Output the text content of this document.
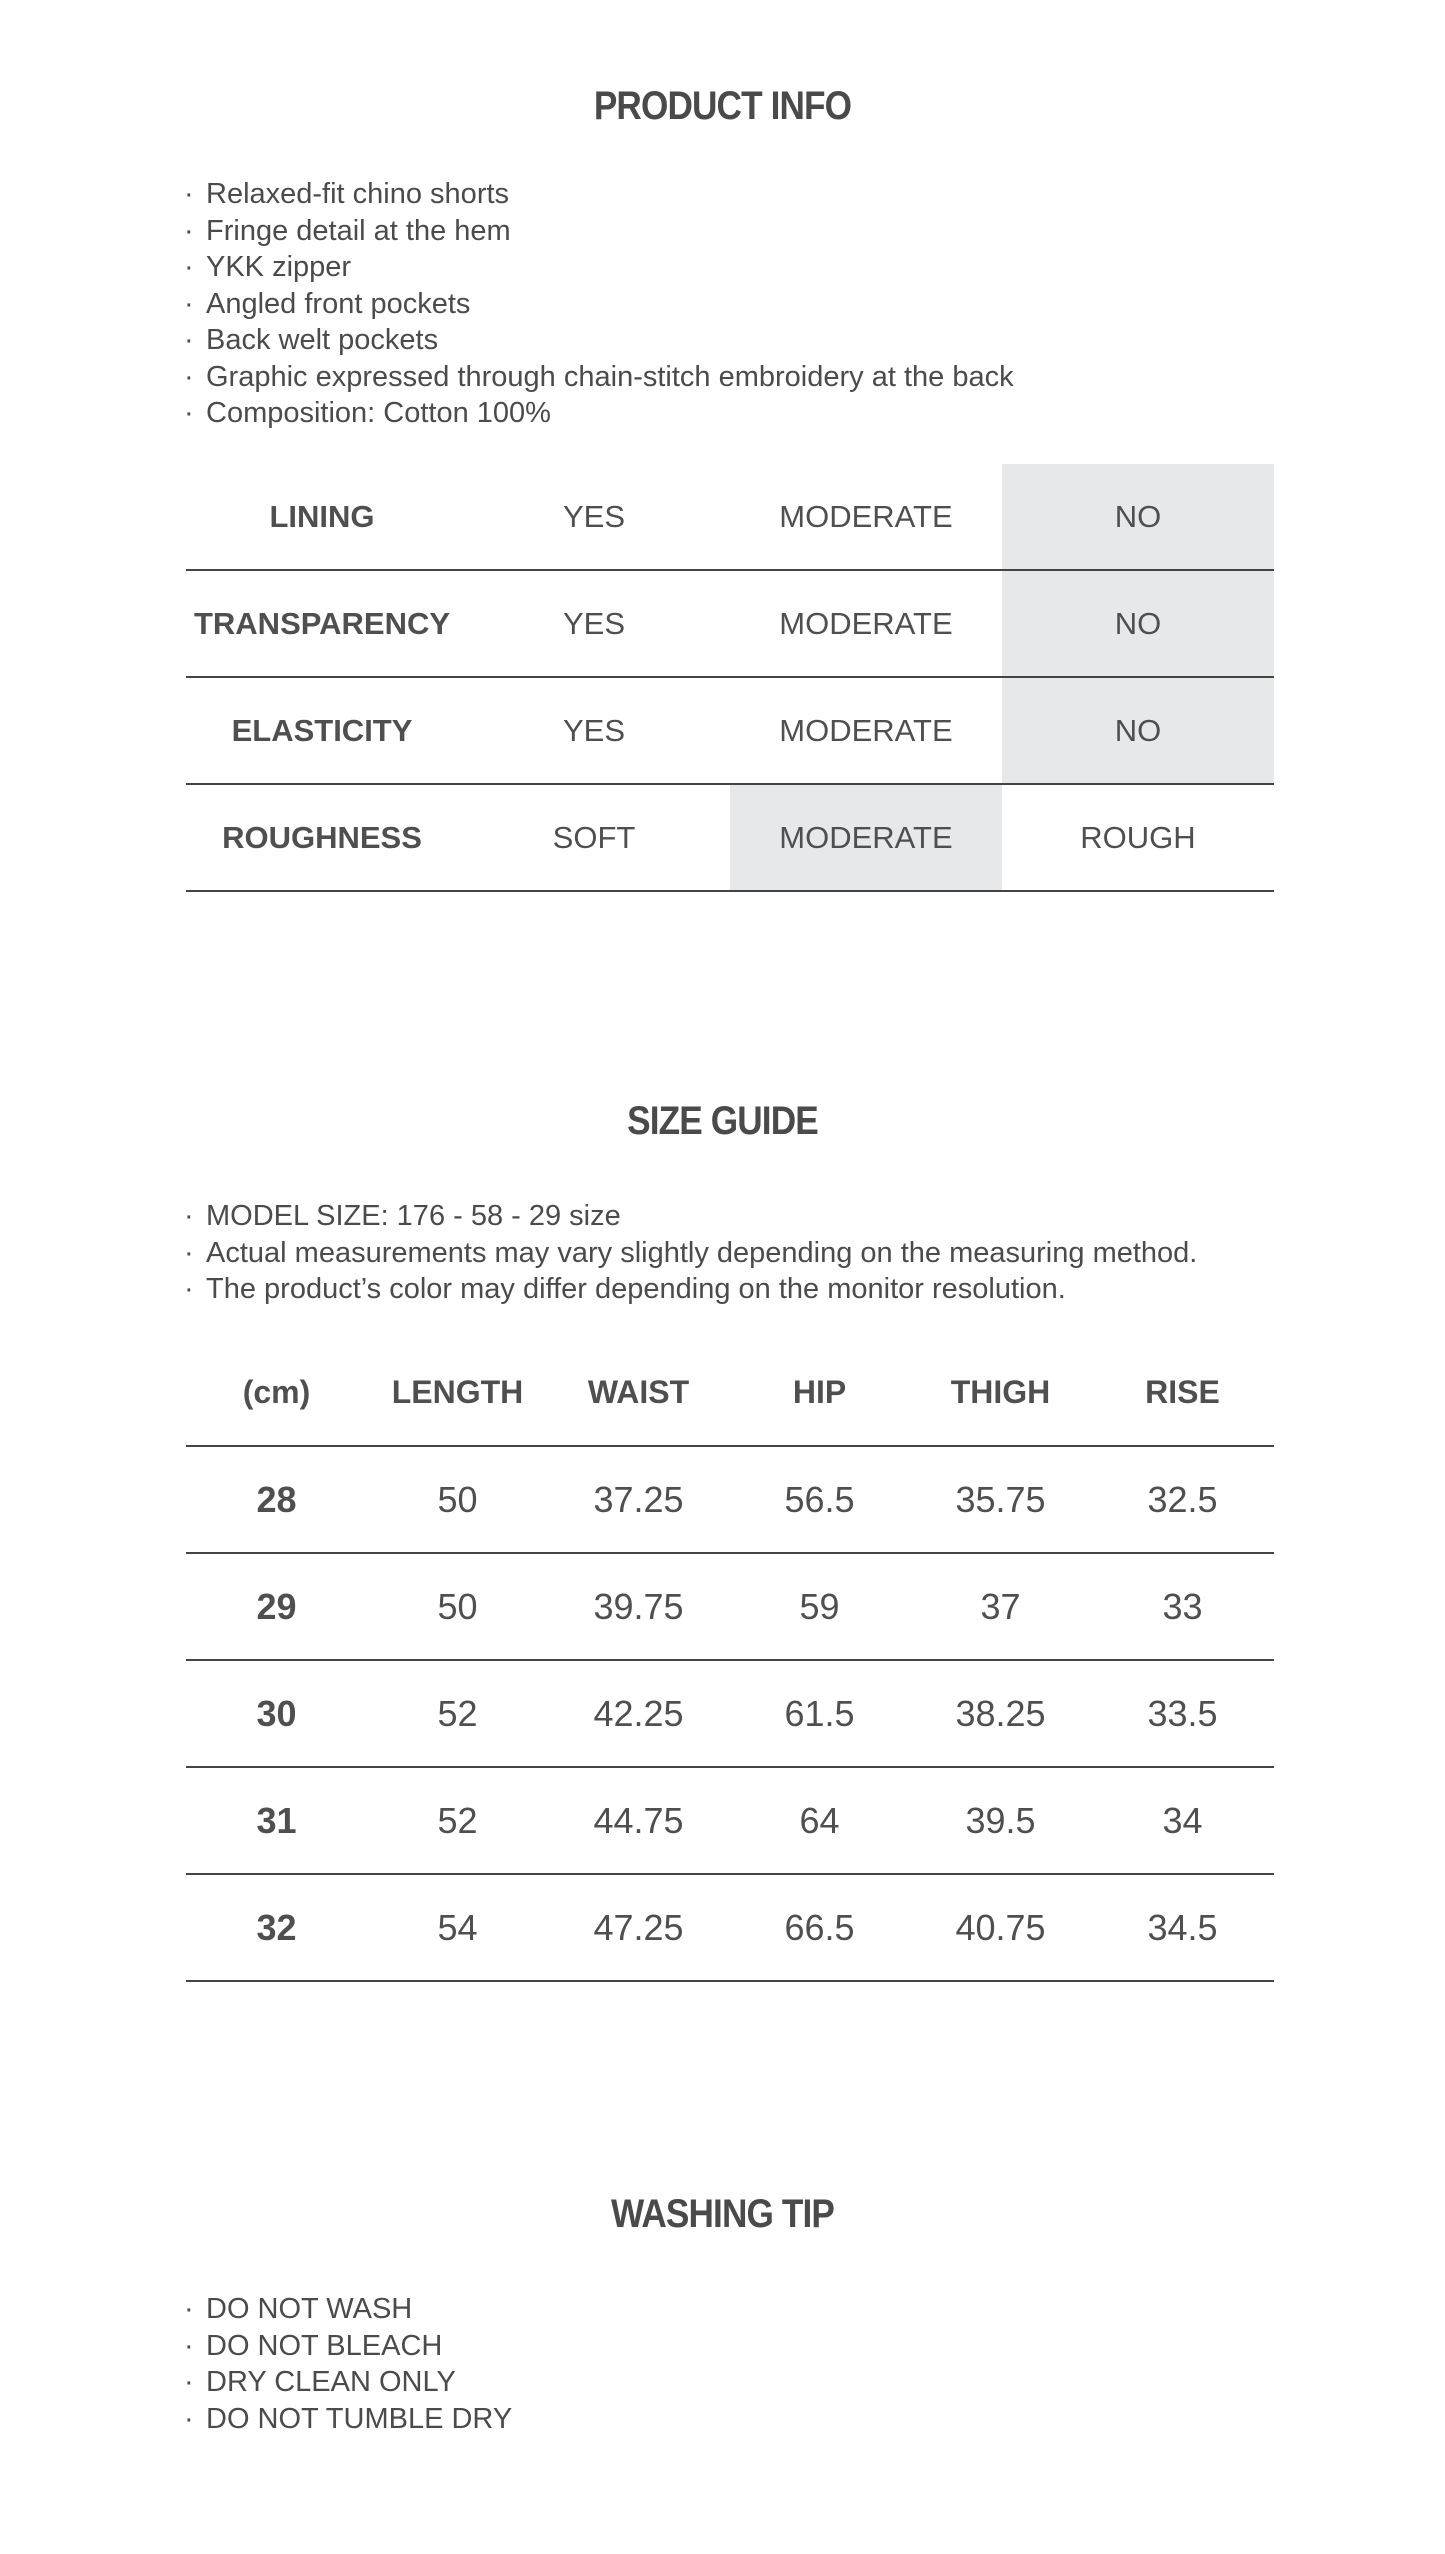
PRODUCT INFO
· Relaxed-fit chino shorts
· Fringe detail at the hem
· YKK zipper
· Angled front pockets
· Back welt pockets
· Graphic expressed through chain-stitch embroidery at the back
· Composition: Cotton 100%
LINING	YES	MODERATE	NO
TRANSPARENCY	YES	MODERATE	NO
ELASTICITY	YES	MODERATE	NO
ROUGHNESS	SOFT	MODERATE	ROUGH
SIZE GUIDE
· MODEL SIZE: 176 - 58 - 29 size
· Actual measurements may vary slightly depending on the measuring method.
· The product’s color may differ depending on the monitor resolution.
(cm)	LENGTH	WAIST	HIP	THIGH	RISE
28	50	37.25	56.5	35.75	32.5
29	50	39.75	59	37	33
30	52	42.25	61.5	38.25	33.5
31	52	44.75	64	39.5	34
32	54	47.25	66.5	40.75	34.5
WASHING TIP
· DO NOT WASH
· DO NOT BLEACH
· DRY CLEAN ONLY
· DO NOT TUMBLE DRY
